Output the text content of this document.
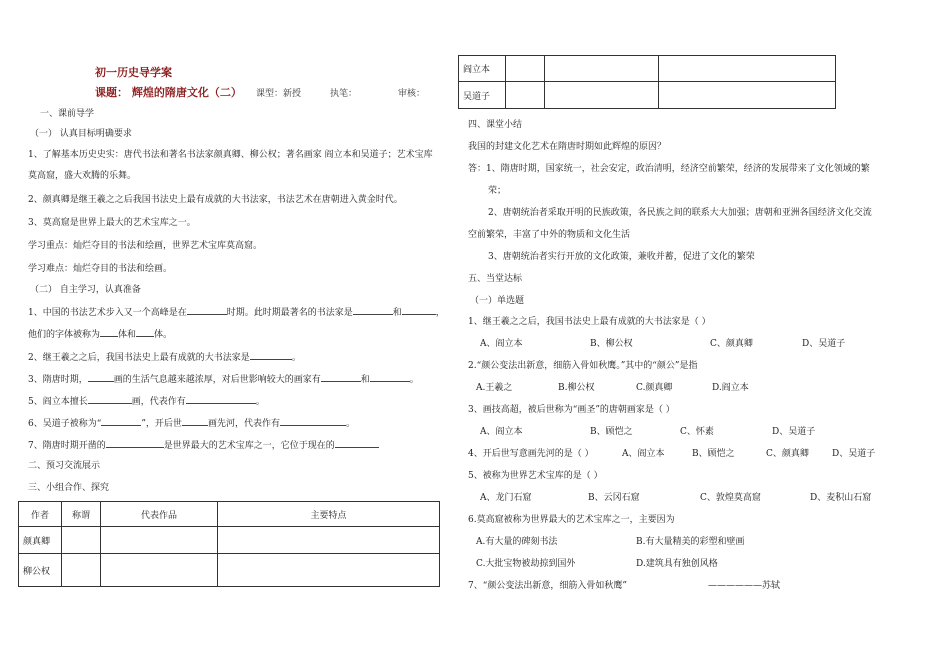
初一历史导学案
课题： 辉煌的隋唐文化（二） 课型：新授	执笔：	审核：
一、课前导学
（一） 认真目标明确要求
1、了解基本历史史实：唐代书法和著名书法家颜真卿、柳公权；著名画家 阎立本和吴道子；艺术宝库
莫高窟，盛大欢腾的乐舞。
2、颜真卿是继王羲之之后我国书法史上最有成就的大书法家，书法艺术在唐朝进入黄金时代。
3、莫高窟是世界上最大的艺术宝库之一。
学习重点：灿烂夺目的书法和绘画，世界艺术宝库莫高窟。
学习难点：灿烂夺目的书法和绘画。
（二） 自主学习，认真准备
1、中国的书法艺术步入又一个高峰是在	时期。此时期最著名的书法家是	和	，
他们的字体被称为 体和 体。
2、继王羲之之后，我国书法史上最有成就的大书法家是	。
3、隋唐时期，	画的生活气息越来越浓厚，对后世影响较大的画家有	和	。
5、阎立本擅长	画，代表作有	。
6、吴道子被称为“	”，开后世	画先河，代表作有	。
7、隋唐时期开凿的	是世界最大的艺术宝库之一，它位于现在的
二、预习交流展示
三、小组合作、探究
作者	称谓	代表作品	主要特点
颜真卿			
柳公权			
阎立本			
吴道子			
四、课堂小结
我国的封建文化艺术在隋唐时期如此辉煌的原因？
答：1、隋唐时期，国家统一，社会安定，政治清明，经济空前繁荣，经济的发展带来了文化领域的繁
荣；
2、唐朝统治者采取开明的民族政策，各民族之间的联系大大加强；唐朝和亚洲各国经济文化交流
空前繁荣，丰富了中外的物质和文化生活
3、唐朝统治者实行开放的文化政策，兼收并蓄，促进了文化的繁荣
五、当堂达标
（一）单选题
1、继王羲之之后，我国书法史上最有成就的大书法家是（ ）
A、阎立本	B、柳公权	C、颜真卿	D、吴道子
2.“颜公变法出新意，细筋入骨如秋鹰。”其中的“颜公”是指
A.王羲之	B.柳公权	C.颜真卿	D.阎立本
3、画技高超，被后世称为“画圣”的唐朝画家是（ ）
A、阎立本	B、顾恺之	C、怀素	D、吴道子
4、开后世写意画先河的是（ ）	A、阎立本	B、顾恺之	C、颜真卿	D、吴道子
5、被称为世界艺术宝库的是（ ）
A、龙门石窟	B、云冈石窟	C、敦煌莫高窟	D、麦积山石窟
6.莫高窟被称为世界最大的艺术宝库之一，主要因为
A.有大量的碑刻书法	B.有大量精美的彩塑和壁画
C.大批宝物被劫掠到国外	D.建筑具有独创风格
7、“颜公变法出新意，细筋入骨如秋鹰”	——————苏轼
